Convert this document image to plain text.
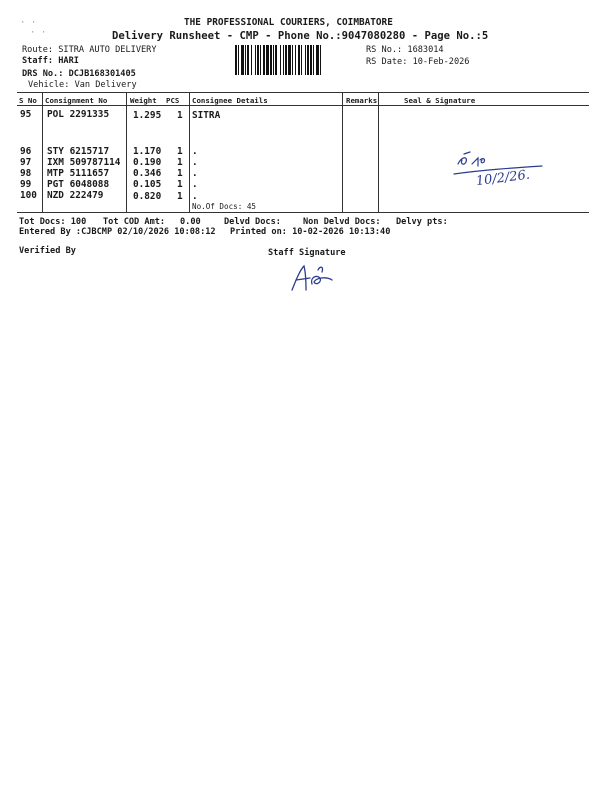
· ·
· ·
THE PROFESSIONAL COURIERS, COIMBATORE
Delivery Runsheet - CMP - Phone No.:9047080280 - Page No.:5
Route: SITRA AUTO DELIVERY
Staff: HARI
DRS No.: DCJB168301405
Vehicle: Van Delivery
RS No.: 1683014
RS Date: 10-Feb-2026
S No Consignment No	Weight PCS Consignee Details	Remarks	Seal & Signature
95 POL 2291335	1.295 1 SITRA
96 STY 6215717	1.170 1 .
97 IXM 509787114 0.190 1 .
98 MTP 5111657	0.346 1 .
99 PGT 6048088	0.105 1 .
100 NZD 222479	0.820 1 .
No.Of Docs: 45
10/2/26.
Tot Docs: 100 Tot COD Amt: 0.00	Delvd Docs:	Non Delvd Docs: Delvy pts:
Entered By :CJBCMP 02/10/2026 10:08:12 Printed on: 10-02-2026 10:13:40
Verified By	Staff Signature
